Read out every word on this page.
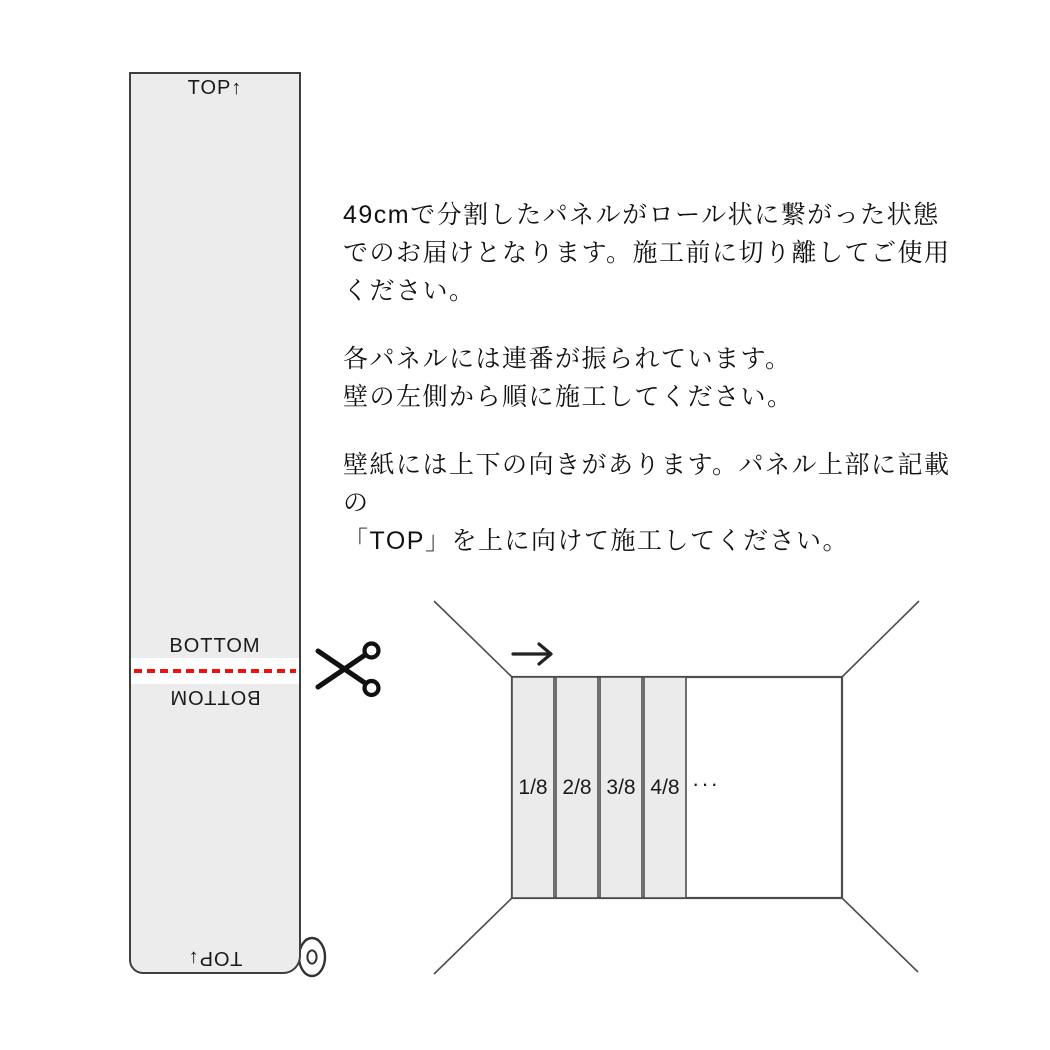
TOP↑
BOTTOM
BOTTOM
TOP↓

49cmで分割したパネルがロール状に繋がった状態
でのお届けとなります。施工前に切り離してご使用
ください。

各パネルには連番が振られています。
壁の左側から順に施工してください。

壁紙には上下の向きがあります。パネル上部に記載の
「TOP」を上に向けて施工してください。

1/8 2/8 3/8 4/8 ···
